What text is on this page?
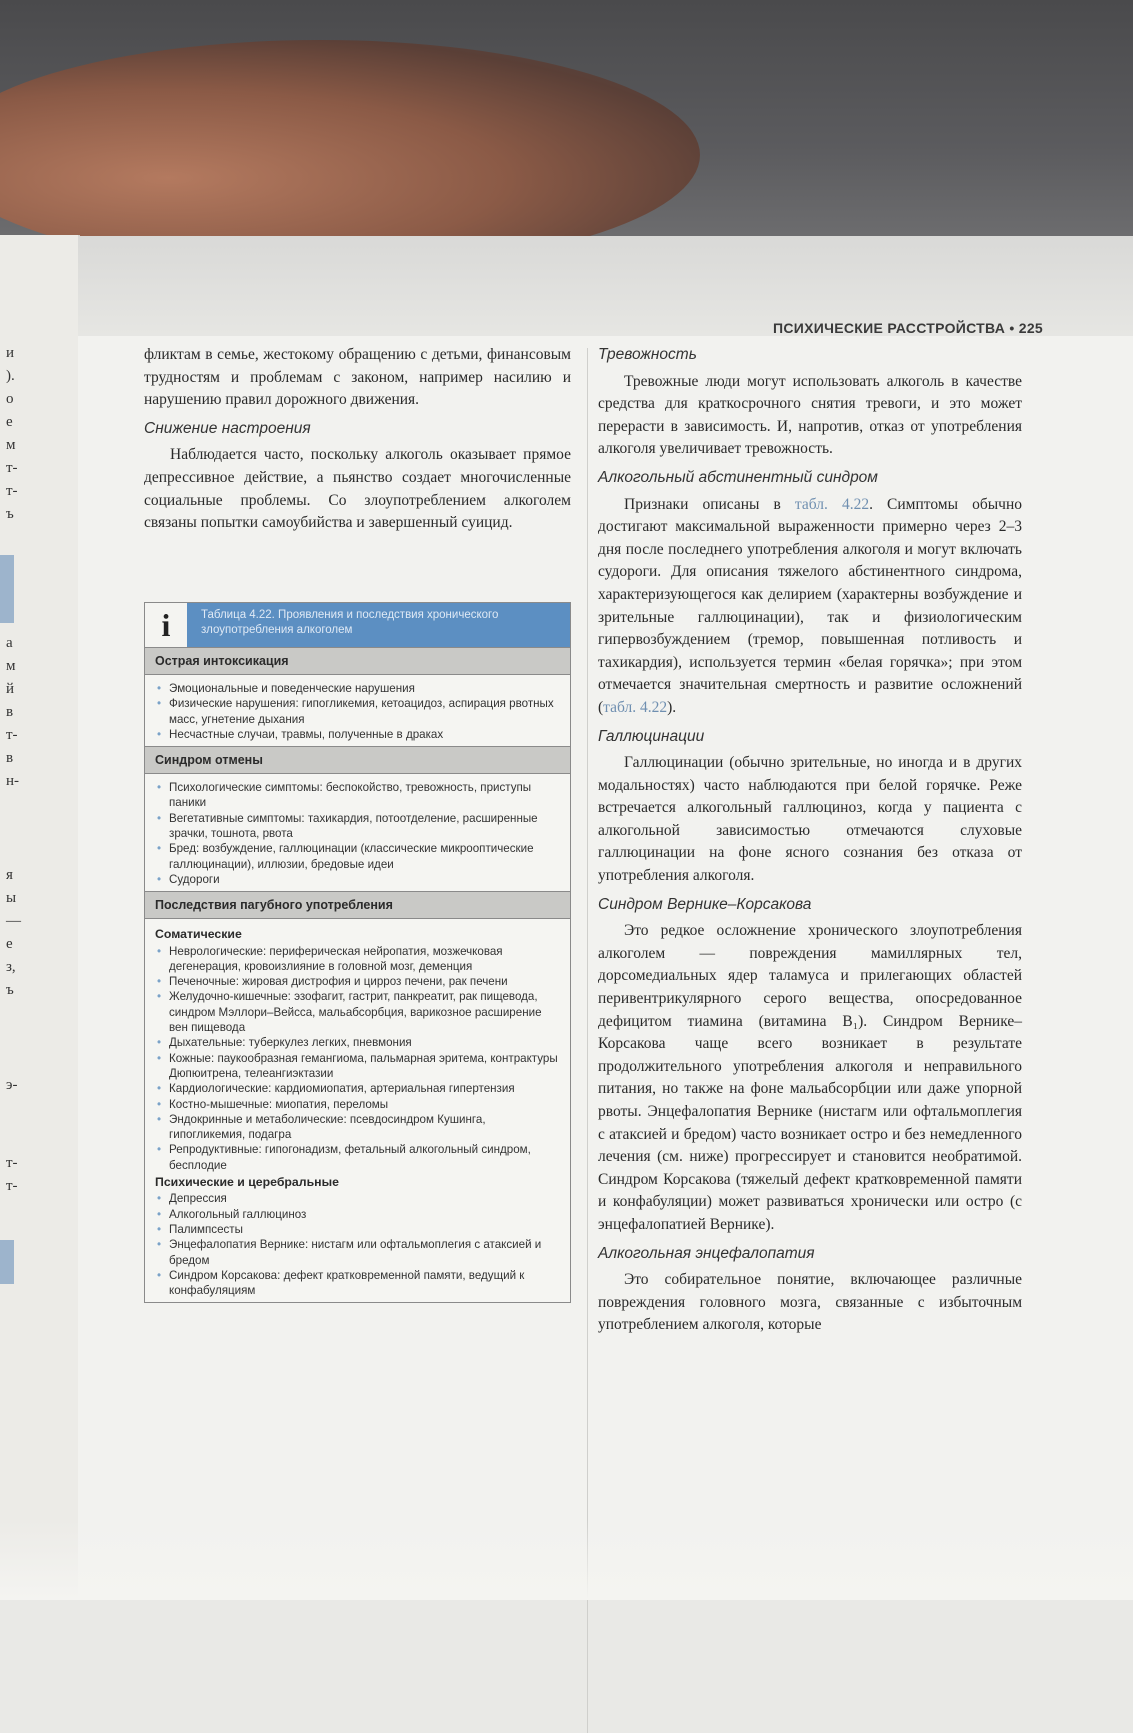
и
).
о
е
м
т-
т-
ъ
а
м
й
в
т-
в
н-
я
ы
—
е
з,
ъ
э-
т-
т-
ПСИХИЧЕСКИЕ РАССТРОЙСТВА • 225

фликтам в семье, жестокому обращению с детьми, финансовым трудностям и проблемам с законом, например насилию и нарушению правил дорожного движения.

Снижение настроения

Наблюдается часто, поскольку алкоголь оказывает прямое депрессивное действие, а пьянство создает многочисленные социальные проблемы. Со злоупотреблением алкоголем связаны попытки самоубийства и завершенный суицид.

i	Таблица 4.22. Проявления и последствия хронического злоупотребления алкоголем
Острая интоксикация
• Эмоциональные и поведенческие нарушения
• Физические нарушения: гипогликемия, кетоацидоз, аспирация рвотных масс, угнетение дыхания
• Несчастные случаи, травмы, полученные в драках
Синдром отмены
• Психологические симптомы: беспокойство, тревожность, приступы паники
• Вегетативные симптомы: тахикардия, потоотделение, расширенные зрачки, тошнота, рвота
• Бред: возбуждение, галлюцинации (классические микрооптические галлюцинации), иллюзии, бредовые идеи
• Судороги
Последствия пагубного употребления
Соматические
• Неврологические: периферическая нейропатия, мозжечковая дегенерация, кровоизлияние в головной мозг, деменция
• Печеночные: жировая дистрофия и цирроз печени, рак печени
• Желудочно-кишечные: эзофагит, гастрит, панкреатит, рак пищевода, синдром Мэллори–Вейсса, мальабсорбция, варикозное расширение вен пищевода
• Дыхательные: туберкулез легких, пневмония
• Кожные: паукообразная гемангиома, пальмарная эритема, контрактуры Дюпюитрена, телеангиэктазии
• Кардиологические: кардиомиопатия, артериальная гипертензия
• Костно-мышечные: миопатия, переломы
• Эндокринные и метаболические: псевдосиндром Кушинга, гипогликемия, подагра
• Репродуктивные: гипогонадизм, фетальный алкогольный синдром, бесплодие
Психические и церебральные
• Депрессия
• Алкогольный галлюциноз
• Палимпсесты
• Энцефалопатия Вернике: нистагм или офтальмоплегия с атаксией и бредом
• Синдром Корсакова: дефект кратковременной памяти, ведущий к конфабуляциям
Тревожность

Тревожные люди могут использовать алкоголь в качестве средства для краткосрочного снятия тревоги, и это может перерасти в зависимость. И, напротив, отказ от употребления алкоголя увеличивает тревожность.

Алкогольный абстинентный синдром

Признаки описаны в табл. 4.22. Симптомы обычно достигают максимальной выраженности примерно через 2–3 дня после последнего употребления алкоголя и могут включать судороги. Для описания тяжелого абстинентного синдрома, характеризующегося как делирием (характерны возбуждение и зрительные галлюцинации), так и физиологическим гипервозбуждением (тремор, повышенная потливость и тахикардия), используется термин «белая горячка»; при этом отмечается значительная смертность и развитие осложнений (табл. 4.22).

Галлюцинации

Галлюцинации (обычно зрительные, но иногда и в других модальностях) часто наблюдаются при белой горячке. Реже встречается алкогольный галлюциноз, когда у пациента с алкогольной зависимостью отмечаются слуховые галлюцинации на фоне ясного сознания без отказа от употребления алкоголя.

Синдром Вернике–Корсакова

Это редкое осложнение хронического злоупотребления алкоголем — повреждения мамиллярных тел, дорсомедиальных ядер таламуса и прилегающих областей перивентрикулярного серого вещества, опосредованное дефицитом тиамина (витамина B₁). Синдром Вернике–Корсакова чаще всего возникает в результате продолжительного употребления алкоголя и неправильного питания, но также на фоне мальабсорбции или даже упорной рвоты. Энцефалопатия Вернике (нистагм или офтальмоплегия с атаксией и бредом) часто возникает остро и без немедленного лечения (см. ниже) прогрессирует и становится необратимой. Синдром Корсакова (тяжелый дефект кратковременной памяти и конфабуляции) может развиваться хронически или остро (с энцефалопатией Вернике).

Алкогольная энцефалопатия

Это собирательное понятие, включающее различные повреждения головного мозга, связанные с избыточным употреблением алкоголя, которые
